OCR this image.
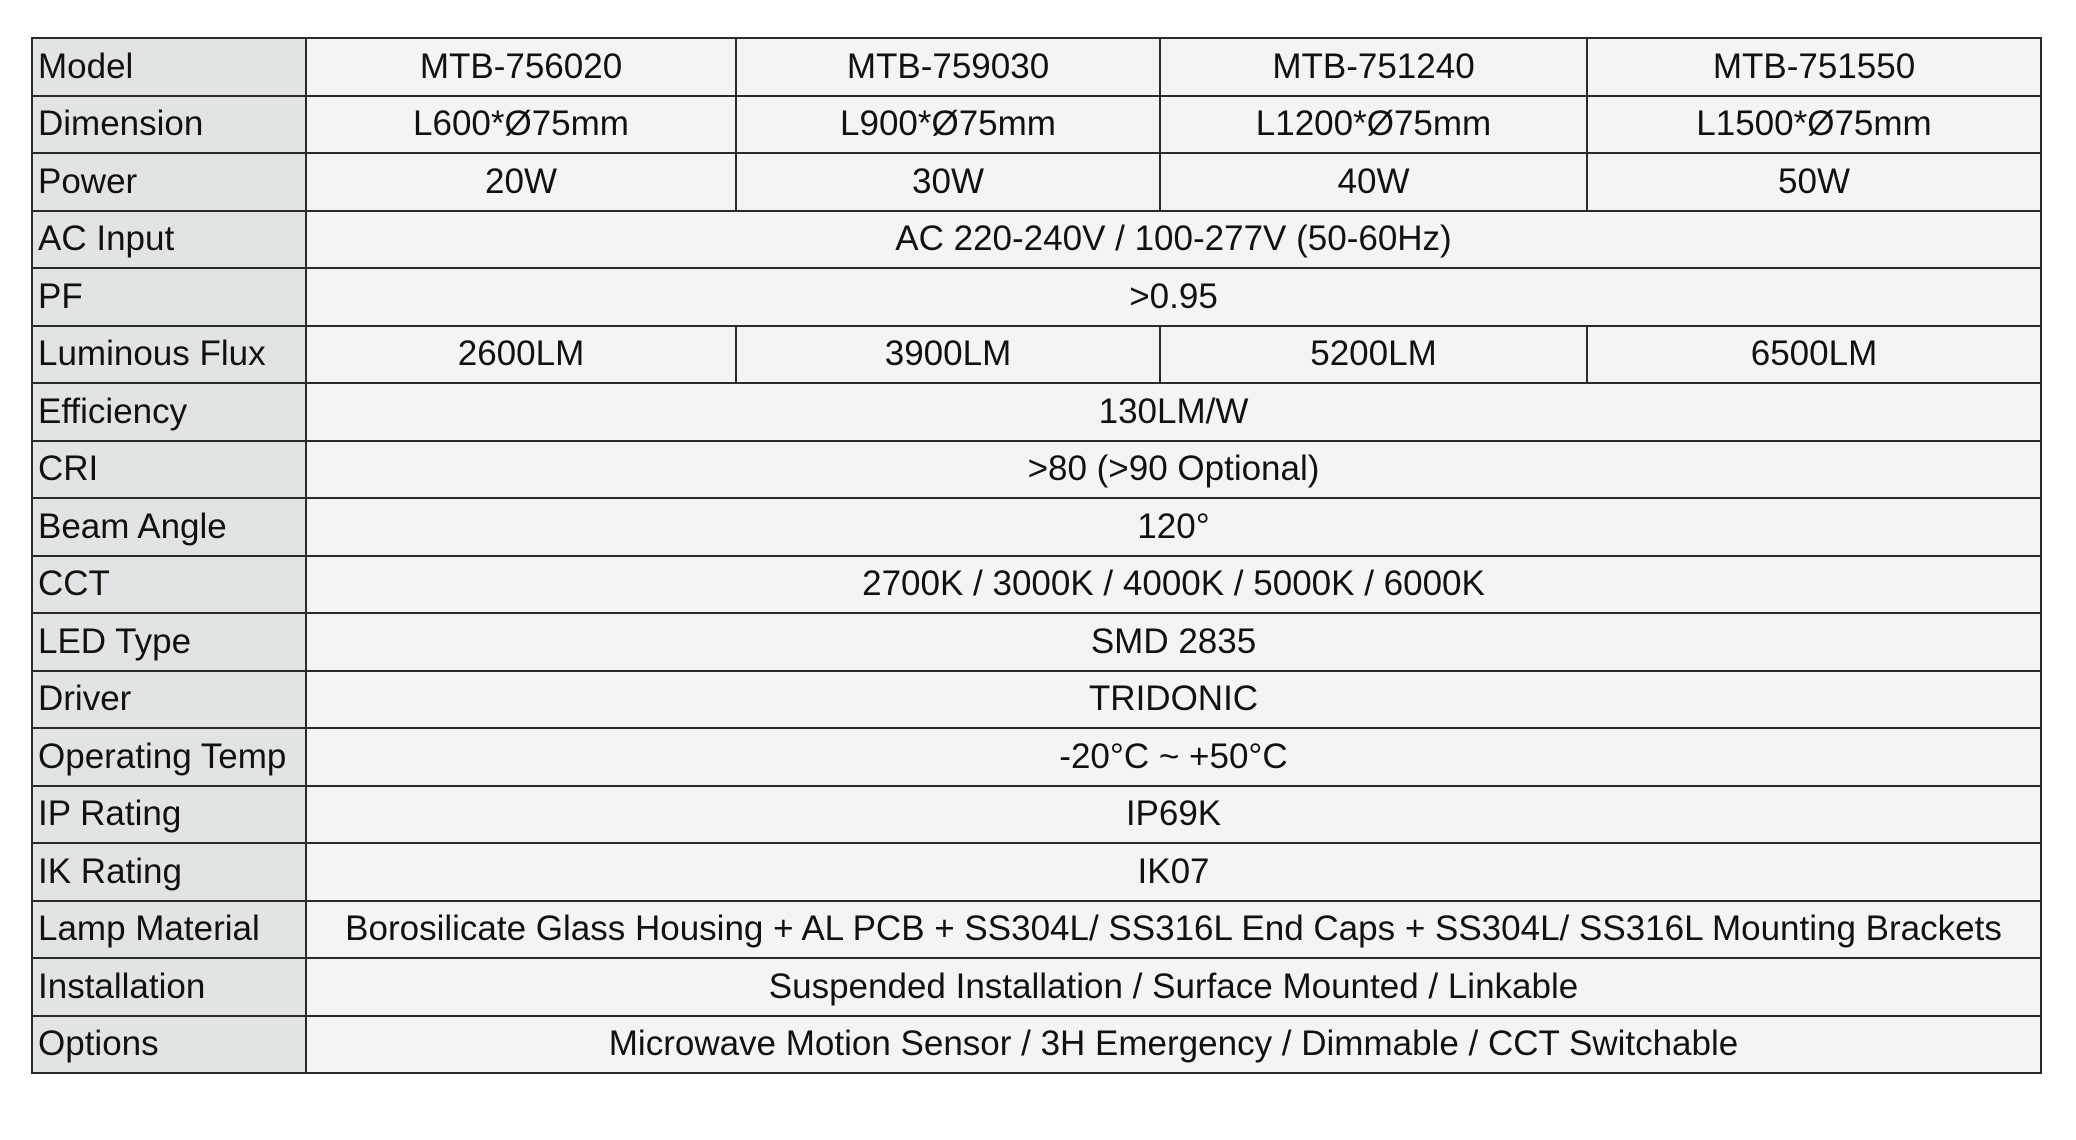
Model	MTB-756020	MTB-759030	MTB-751240	MTB-751550
Dimension	L600*Ø75mm	L900*Ø75mm	L1200*Ø75mm	L1500*Ø75mm
Power	20W	30W	40W	50W
AC Input	AC 220-240V / 100-277V (50-60Hz)			
PF	>0.95			
Luminous Flux	2600LM	3900LM	5200LM	6500LM
Efficiency	130LM/W			
CRI	>80 (>90 Optional)			
Beam Angle	120°			
CCT	2700K / 3000K / 4000K / 5000K / 6000K			
LED Type	SMD 2835			
Driver	TRIDONIC			
Operating Temp	-20°C ~ +50°C			
IP Rating	IP69K			
IK Rating	IK07			
Lamp Material	Borosilicate Glass Housing + AL PCB + SS304L/ SS316L End Caps + SS304L/ SS316L Mounting Brackets			
Installation	Suspended Installation / Surface Mounted / Linkable			
Options	Microwave Motion Sensor / 3H Emergency / Dimmable / CCT Switchable			
